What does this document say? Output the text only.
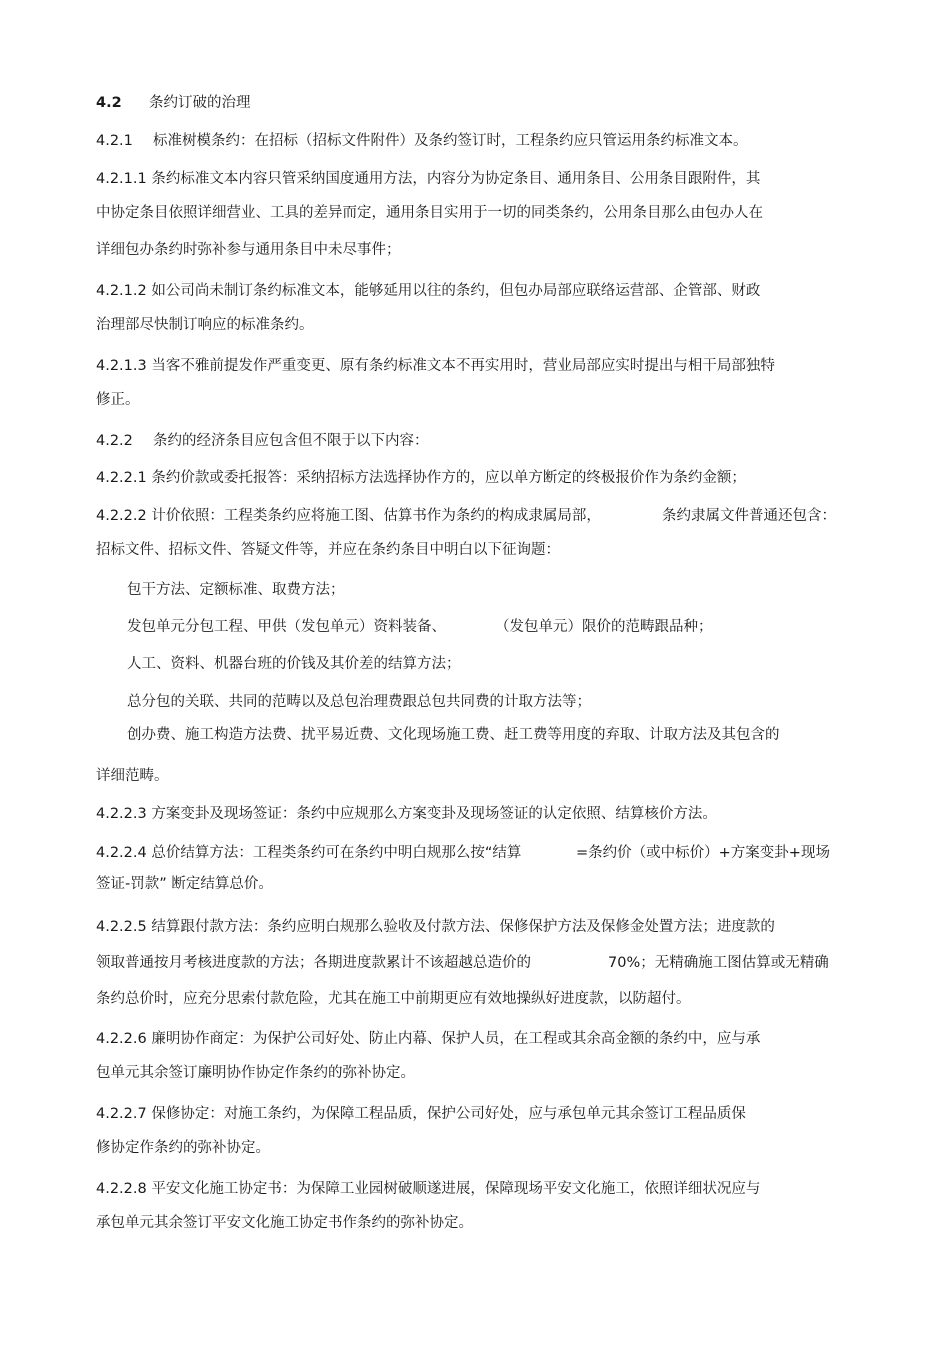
4.2 条约订破的治理
4.2.1 标准树模条约：在招标（招标文件附件）及条约签订时，工程条约应只管运用条约标准文本。
4.2.1.1 条约标准文本内容只管采纳国度通用方法，内容分为协定条目、通用条目、公用条目跟附件，其
中协定条目依照详细营业、工具的差异而定，通用条目实用于一切的同类条约，公用条目那么由包办人在
详细包办条约时弥补参与通用条目中未尽事件；
4.2.1.2 如公司尚未制订条约标准文本，能够延用以往的条约，但包办局部应联络运营部、企管部、财政
治理部尽快制订响应的标准条约。
4.2.1.3 当客不雅前提发作严重变更、原有条约标准文本不再实用时，营业局部应实时提出与相干局部独特
修正。
4.2.2 条约的经济条目应包含但不限于以下内容：
4.2.2.1 条约价款或委托报答：采纳招标方法选择协作方的，应以单方断定的终极报价作为条约金额；
4.2.2.2 计价依照：工程类条约应将施工图、估算书作为条约的构成隶属局部，	条约隶属文件普通还包含：
招标文件、招标文件、答疑文件等，并应在条约条目中明白以下征询题：
包干方法、定额标准、取费方法；
发包单元分包工程、甲供（发包单元）资料装备、	（发包单元）限价的范畴跟品种；
人工、资料、机器台班的价钱及其价差的结算方法；
总分包的关联、共同的范畴以及总包治理费跟总包共同费的计取方法等；
创办费、施工构造方法费、扰平易近费、文化现场施工费、赶工费等用度的弃取、计取方法及其包含的
详细范畴。
4.2.2.3 方案变卦及现场签证：条约中应规那么方案变卦及现场签证的认定依照、结算核价方法。
4.2.2.4 总价结算方法：工程类条约可在条约中明白规那么按“结算	=条约价（或中标价）+方案变卦+现场
签证-罚款” 断定结算总价。
4.2.2.5 结算跟付款方法：条约应明白规那么验收及付款方法、保修保护方法及保修金处置方法；进度款的
领取普通按月考核进度款的方法；各期进度款累计不该超越总造价的	70%；无精确施工图估算或无精确
条约总价时，应充分思索付款危险，尤其在施工中前期更应有效地操纵好进度款，以防超付。
4.2.2.6 廉明协作商定：为保护公司好处、防止内幕、保护人员，在工程或其余高金额的条约中，应与承
包单元其余签订廉明协作协定作条约的弥补协定。
4.2.2.7 保修协定：对施工条约，为保障工程品质，保护公司好处，应与承包单元其余签订工程品质保
修协定作条约的弥补协定。
4.2.2.8 平安文化施工协定书：为保障工业园树破顺遂进展，保障现场平安文化施工，依照详细状况应与
承包单元其余签订平安文化施工协定书作条约的弥补协定。
